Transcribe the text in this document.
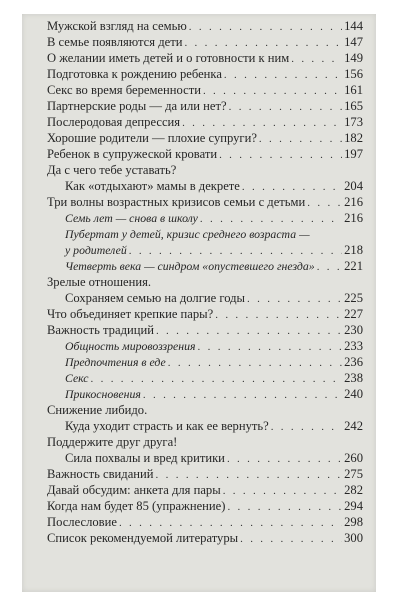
Мужской взгляд на семью . . .	144
В семье появляются дети . . .	147
О желании иметь детей и о готовности к ним . . .	149
Подготовка к рождению ребенка . . .	156
Секс во время беременности . . .	161
Партнерские роды — да или нет? . . .	165
Послеродовая депрессия . . .	173
Хорошие родители — плохие супруги? . . .	182
Ребенок в супружеской кровати . . .	197
Да с чего тебе уставать?
Как «отдыхают» мамы в декрете . . .	204
Три волны возрастных кризисов семьи с детьми . . .	216
Семь лет — снова в школу . . .	216
Пубертат у детей, кризис среднего возраста —
у родителей . . .	218
Четверть века — синдром «опустевшего гнезда» . . . 221
Зрелые отношения.
Сохраняем семью на долгие годы . . .	225
Что объединяет крепкие пары? . . .	227
Важность традиций . . .	230
Общность мировоззрения . . .	233
Предпочтения в еде . . .	236
Секс . . .	238
Прикосновения . . .	240
Снижение либидо.
Куда уходит страсть и как ее вернуть? . . .	242
Поддержите друг друга!
Сила похвалы и вред критики . . .	260
Важность свиданий . . .	275
Давай обсудим: анкета для пары . . .	282
Когда нам будет 85 (упражнение) . . .	294
Послесловие . . .	298
Список рекомендуемой литературы . . .	300
